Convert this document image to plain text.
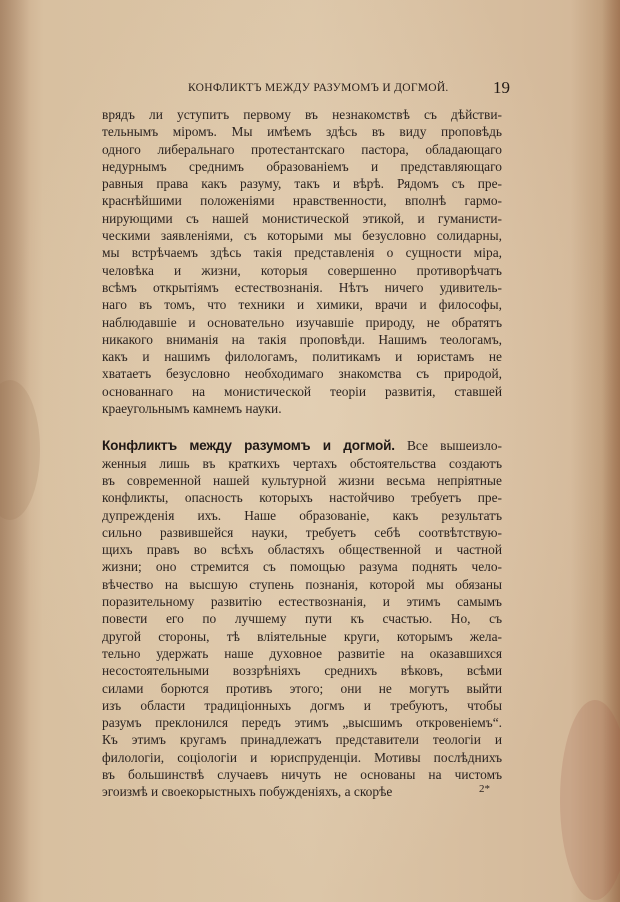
КОНФЛИКТЪ МЕЖДУ РАЗУМОМЪ И ДОГМОЙ.	19
врядъ ли уступитъ первому въ незнакомствѣ съ дѣйстви-
тельнымъ міромъ. Мы имѣемъ здѣсь въ виду проповѣдь
одного либеральнаго протестантскаго пастора, обладающаго
недурнымъ среднимъ образованіемъ и представляющаго
равныя права какъ разуму, такъ и вѣрѣ. Рядомъ съ пре-
краснѣйшими положеніями нравственности, вполнѣ гармо-
нирующими съ нашей монистической этикой, и гуманисти-
ческими заявленіями, съ которыми мы безусловно солидарны,
мы встрѣчаемъ здѣсь такія представленія о сущности міра,
человѣка и жизни, которыя совершенно противорѣчатъ
всѣмъ открытіямъ естествознанія. Нѣтъ ничего удивитель-
наго въ томъ, что техники и химики, врачи и философы,
наблюдавшіе и основательно изучавшіе природу, не обратятъ
никакого вниманія на такія проповѣди. Нашимъ теологамъ,
какъ и нашимъ филологамъ, политикамъ и юристамъ не
хватаетъ безусловно необходимаго знакомства съ природой,
основаннаго на монистической теоріи развитія, ставшей
краеугольнымъ камнемъ науки.
Конфликтъ между разумомъ и догмой. Все вышеизло-
женныя лишь въ краткихъ чертахъ обстоятельства создаютъ
въ современной нашей культурной жизни весьма непріятные
конфликты, опасность которыхъ настойчиво требуетъ пре-
дупрежденія ихъ. Наше образованіе, какъ результатъ
сильно развившейся науки, требуетъ себѣ соотвѣтствую-
щихъ правъ во всѣхъ областяхъ общественной и частной
жизни; оно стремится съ помощью разума поднять чело-
вѣчество на высшую ступень познанія, которой мы обязаны
поразительному развитію естествознанія, и этимъ самымъ
повести его по лучшему пути къ счастью. Но, съ
другой стороны, тѣ вліятельные круги, которымъ жела-
тельно удержать наше духовное развитіе на оказавшихся
несостоятельными воззрѣніяхъ среднихъ вѣковъ, всѣми
силами борются противъ этого; они не могутъ выйти
изъ области традиціонныхъ догмъ и требуютъ, чтобы
разумъ преклонился передъ этимъ „высшимъ откровеніемъ“.
Къ этимъ кругамъ принадлежатъ представители теологіи и
филологіи, соціологіи и юриспруденціи. Мотивы послѣднихъ
въ большинствѣ случаевъ ничуть не основаны на чистомъ
эгоизмѣ и своекорыстныхъ побужденіяхъ, а скорѣе	2*
